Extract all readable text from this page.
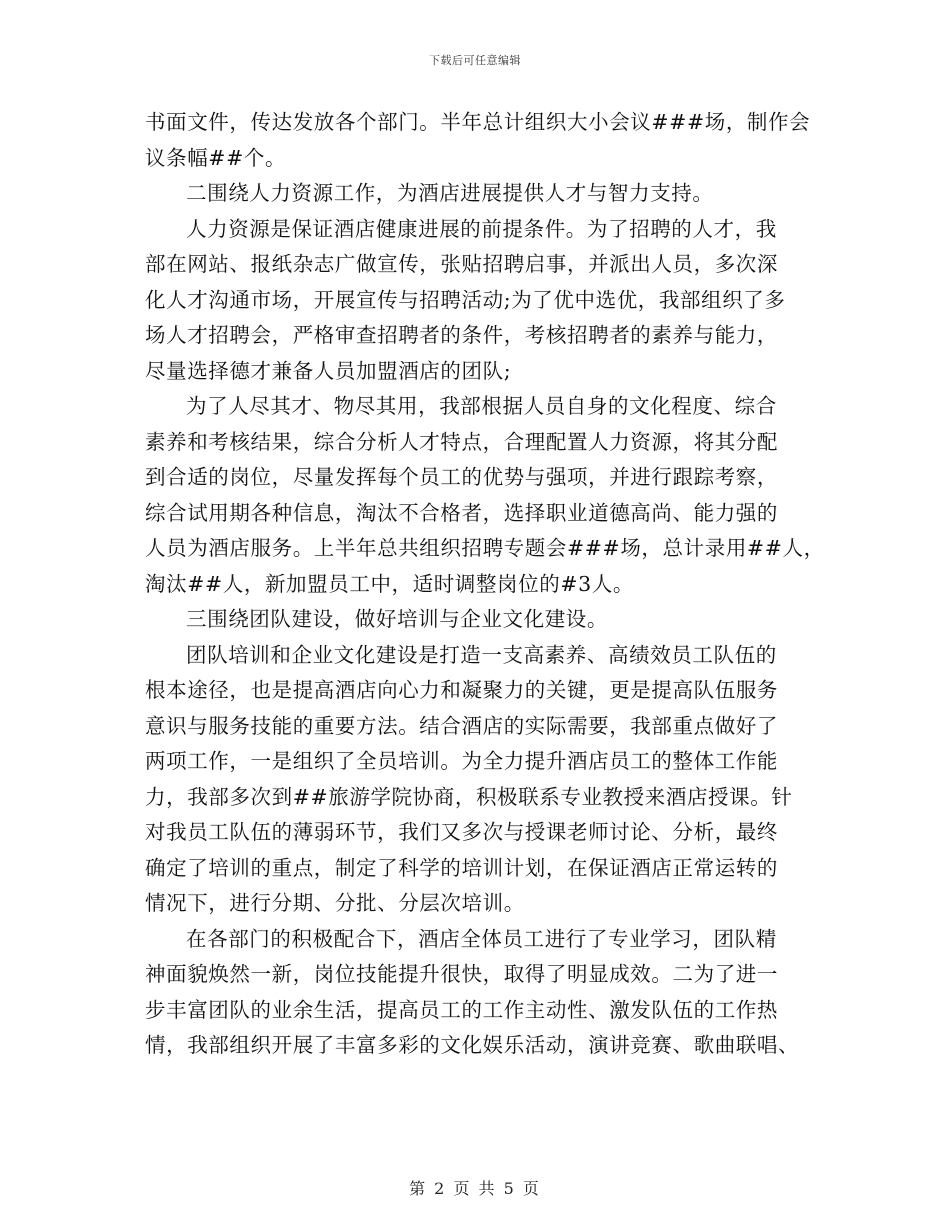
下载后可任意编辑
书面文件，传达发放各个部门。半年总计组织大小会议###场，制作会
议条幅##个。
二围绕人力资源工作，为酒店进展提供人才与智力支持。
人力资源是保证酒店健康进展的前提条件。为了招聘的人才，我
部在网站、报纸杂志广做宣传，张贴招聘启事，并派出人员，多次深
化人才沟通市场，开展宣传与招聘活动;为了优中选优，我部组织了多
场人才招聘会，严格审查招聘者的条件，考核招聘者的素养与能力，
尽量选择德才兼备人员加盟酒店的团队;
为了人尽其才、物尽其用，我部根据人员自身的文化程度、综合
素养和考核结果，综合分析人才特点，合理配置人力资源，将其分配
到合适的岗位，尽量发挥每个员工的优势与强项，并进行跟踪考察，
综合试用期各种信息，淘汰不合格者，选择职业道德高尚、能力强的
人员为酒店服务。上半年总共组织招聘专题会###场，总计录用##人，
淘汰##人，新加盟员工中，适时调整岗位的#3人。
三围绕团队建设，做好培训与企业文化建设。
团队培训和企业文化建设是打造一支高素养、高绩效员工队伍的
根本途径，也是提高酒店向心力和凝聚力的关键，更是提高队伍服务
意识与服务技能的重要方法。结合酒店的实际需要，我部重点做好了
两项工作，一是组织了全员培训。为全力提升酒店员工的整体工作能
力，我部多次到##旅游学院协商，积极联系专业教授来酒店授课。针
对我员工队伍的薄弱环节，我们又多次与授课老师讨论、分析，最终
确定了培训的重点，制定了科学的培训计划，在保证酒店正常运转的
情况下，进行分期、分批、分层次培训。
在各部门的积极配合下，酒店全体员工进行了专业学习，团队精
神面貌焕然一新，岗位技能提升很快，取得了明显成效。二为了进一
步丰富团队的业余生活，提高员工的工作主动性、激发队伍的工作热
情，我部组织开展了丰富多彩的文化娱乐活动，演讲竞赛、歌曲联唱、
第 2 页 共 5 页
